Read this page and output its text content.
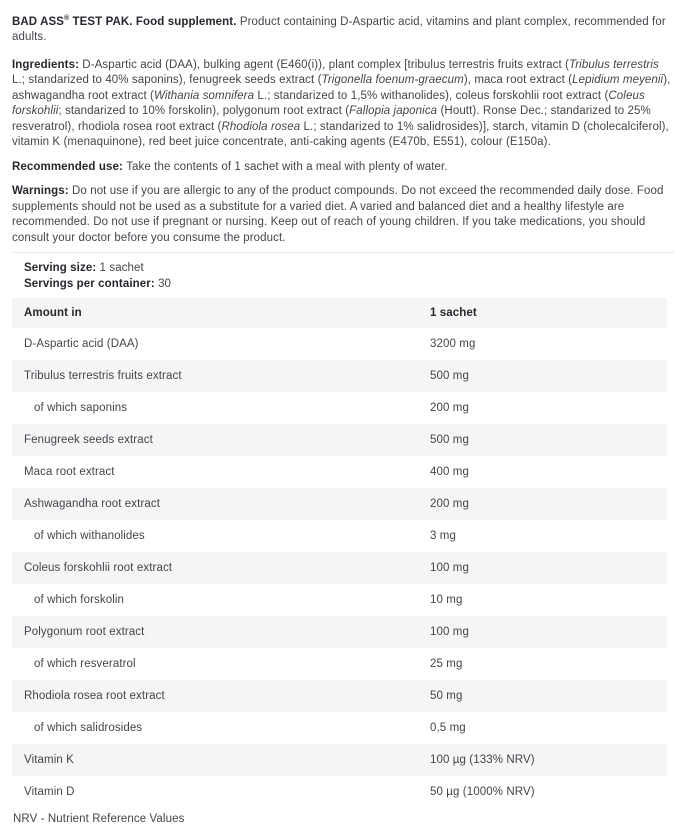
BAD ASS® TEST PAK. Food supplement. Product containing D-Aspartic acid, vitamins and plant complex, recommended for adults.

Ingredients: D-Aspartic acid (DAA), bulking agent (E460(i)), plant complex [tribulus terrestris fruits extract (Tribulus terrestris L.; standarized to 40% saponins), fenugreek seeds extract (Trigonella foenum-graecum), maca root extract (Lepidium meyenii), ashwagandha root extract (Withania somnifera L.; standarized to 1,5% withanolides), coleus forskohlii root extract (Coleus forskohlii; standarized to 10% forskolin), polygonum root extract (Fallopia japonica (Houtt). Ronse Dec.; standarized to 25% resveratrol), rhodiola rosea root extract (Rhodiola rosea L.; standarized to 1% salidrosides)], starch, vitamin D (cholecalciferol), vitamin K (menaquinone), red beet juice concentrate, anti-caking agents (E470b, E551), colour (E150a).

Recommended use: Take the contents of 1 sachet with a meal with plenty of water.

Warnings: Do not use if you are allergic to any of the product compounds. Do not exceed the recommended daily dose. Food supplements should not be used as a substitute for a varied diet. A varied and balanced diet and a healthy lifestyle are recommended. Do not use if pregnant or nursing. Keep out of reach of young children. If you take medications, you should consult your doctor before you consume the product.

Serving size: 1 sachet
Servings per container: 30
Amount in	1 sachet
D-Aspartic acid (DAA)	3200 mg
Tribulus terrestris fruits extract	500 mg
of which saponins	200 mg
Fenugreek seeds extract	500 mg
Maca root extract	400 mg
Ashwagandha root extract	200 mg
of which withanolides	3 mg
Coleus forskohlii root extract	100 mg
of which forskolin	10 mg
Polygonum root extract	100 mg
of which resveratrol	25 mg
Rhodiola rosea root extract	50 mg
of which salidrosides	0,5 mg
Vitamin K	100 µg (133% NRV)
Vitamin D	50 µg (1000% NRV)

NRV - Nutrient Reference Values
